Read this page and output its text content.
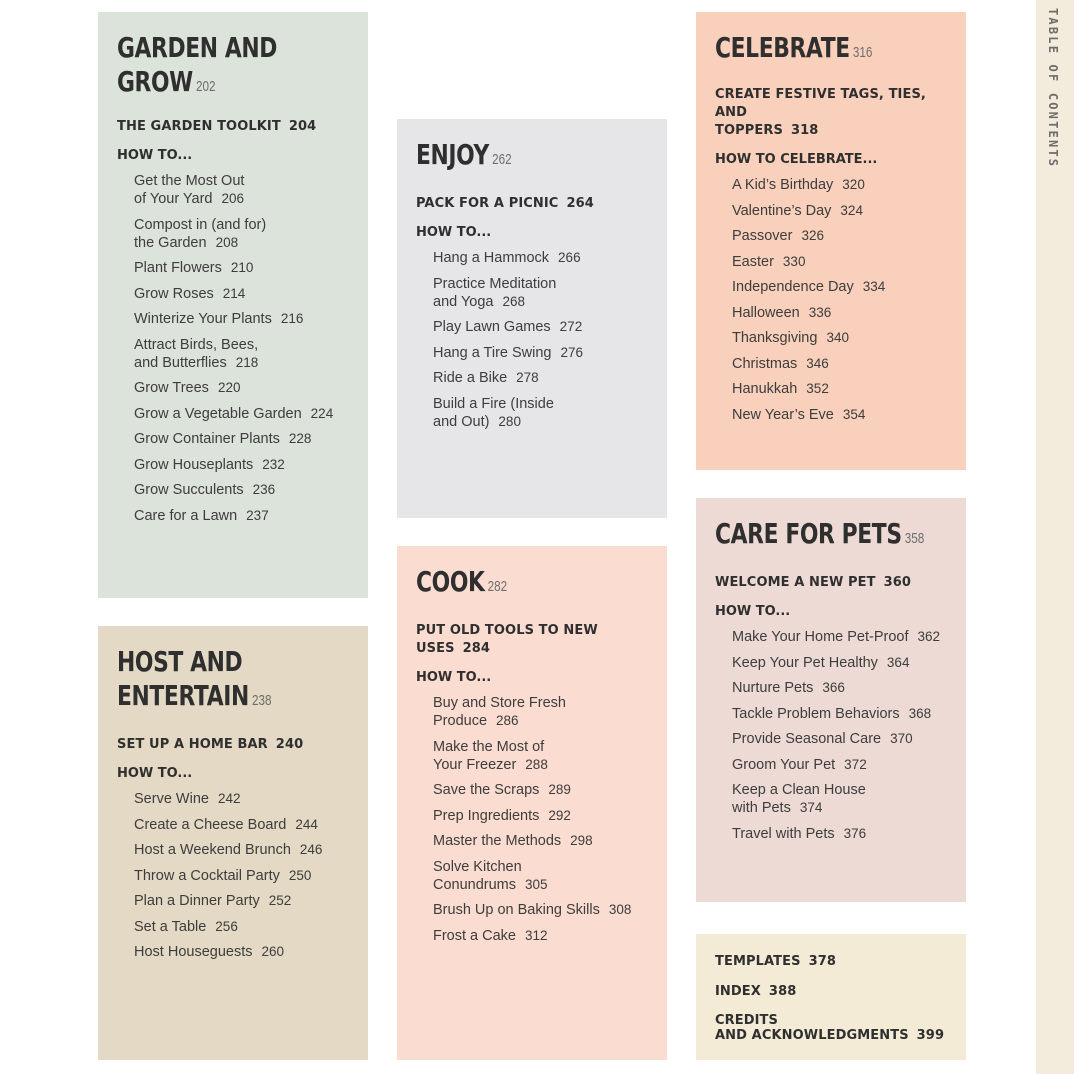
TABLE OF CONTENTS
GARDEN AND
GROW 202
THE GARDEN TOOLKIT 204
HOW TO...
Get the Most Out
of Your Yard 206
Compost in (and for)
the Garden 208
Plant Flowers 210
Grow Roses 214
Winterize Your Plants 216
Attract Birds, Bees,
and Butterflies 218
Grow Trees 220
Grow a Vegetable Garden 224
Grow Container Plants 228
Grow Houseplants 232
Grow Succulents 236
Care for a Lawn 237
HOST AND
ENTERTAIN 238
SET UP A HOME BAR 240
HOW TO...
Serve Wine 242
Create a Cheese Board 244
Host a Weekend Brunch 246
Throw a Cocktail Party 250
Plan a Dinner Party 252
Set a Table 256
Host Houseguests 260
ENJOY 262
PACK FOR A PICNIC 264
HOW TO...
Hang a Hammock 266
Practice Meditation
and Yoga 268
Play Lawn Games 272
Hang a Tire Swing 276
Ride a Bike 278
Build a Fire (Inside
and Out) 280
COOK 282
PUT OLD TOOLS TO NEW USES 284
HOW TO...
Buy and Store Fresh
Produce 286
Make the Most of
Your Freezer 288
Save the Scraps 289
Prep Ingredients 292
Master the Methods 298
Solve Kitchen
Conundrums 305
Brush Up on Baking Skills 308
Frost a Cake 312
CELEBRATE 316
CREATE FESTIVE TAGS, TIES, AND
TOPPERS 318
HOW TO CELEBRATE...
A Kid’s Birthday 320
Valentine’s Day 324
Passover 326
Easter 330
Independence Day 334
Halloween 336
Thanksgiving 340
Christmas 346
Hanukkah 352
New Year’s Eve 354
CARE FOR PETS 358
WELCOME A NEW PET 360
HOW TO...
Make Your Home Pet-Proof 362
Keep Your Pet Healthy 364
Nurture Pets 366
Tackle Problem Behaviors 368
Provide Seasonal Care 370
Groom Your Pet 372
Keep a Clean House
with Pets 374
Travel with Pets 376
TEMPLATES 378
INDEX 388
CREDITS
AND ACKNOWLEDGMENTS 399
